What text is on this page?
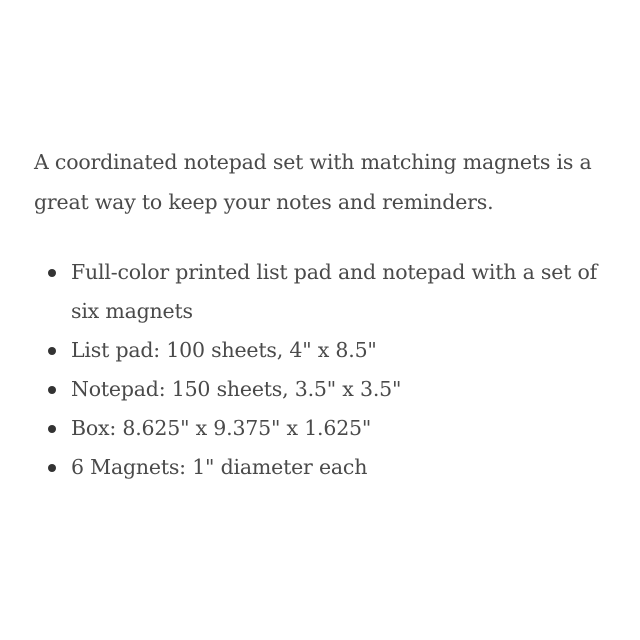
A coordinated notepad set with matching magnets is a great way to keep your notes and reminders.

Full-color printed list pad and notepad with a set of six magnets
List pad: 100 sheets, 4" x 8.5"
Notepad: 150 sheets, 3.5" x 3.5"
Box: 8.625" x 9.375" x 1.625"
6 Magnets: 1" diameter each
